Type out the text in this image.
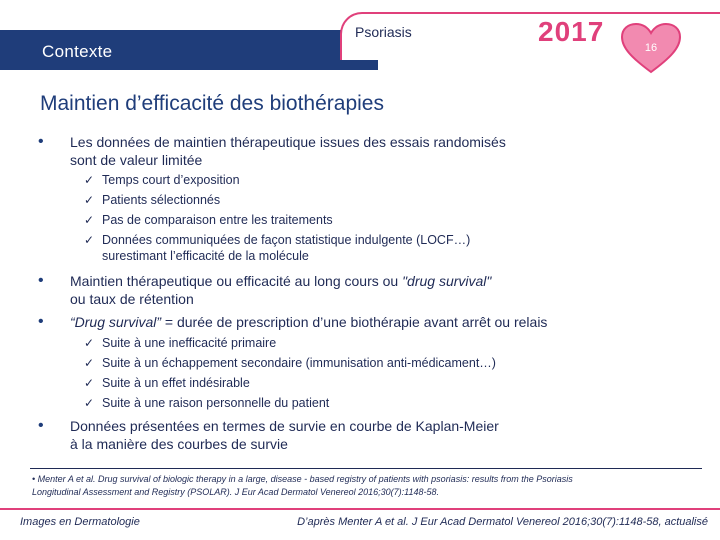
Contexte
Psoriasis	2017
16
Maintien d’efficacité des biothérapies
• Les données de maintien thérapeutique issues des essais randomisés
sont de valeur limitée
✓ Temps court d’exposition
✓ Patients sélectionnés
✓ Pas de comparaison entre les traitements
✓ Données communiquées de façon statistique indulgente (LOCF…)
surestimant l’efficacité de la molécule
• Maintien thérapeutique ou efficacité au long cours ou "drug survival"
ou taux de rétention
• “Drug survival” = durée de prescription d’une biothérapie avant arrêt ou relais
✓ Suite à une inefficacité primaire
✓ Suite à un échappement secondaire (immunisation anti-médicament…)
✓ Suite à un effet indésirable
✓ Suite à une raison personnelle du patient
• Données présentées en termes de survie en courbe de Kaplan-Meier
à la manière des courbes de survie
• Menter A et al. Drug survival of biologic therapy in a large, disease - based registry of patients with psoriasis: results from the Psoriasis
Longitudinal Assessment and Registry (PSOLAR). J Eur Acad Dermatol Venereol 2016;30(7):1148-58.
Images en Dermatologie	D’après Menter A et al. J Eur Acad Dermatol Venereol 2016;30(7):1148-58, actualisé
